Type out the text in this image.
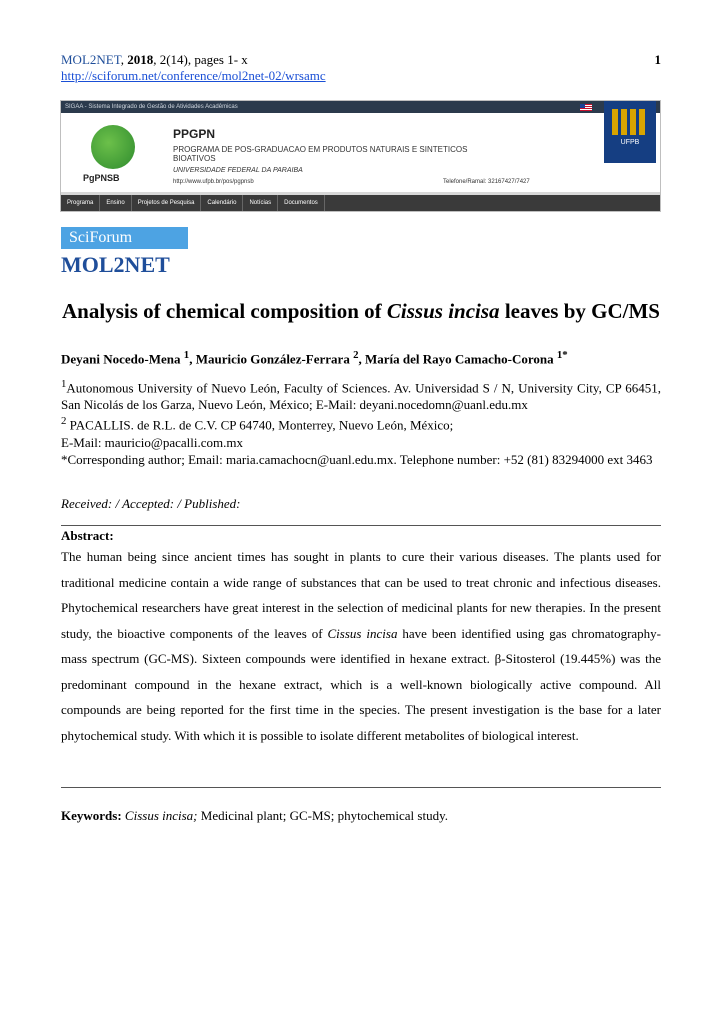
MOL2NET, 2018, 2(14), pages 1- x	1
http://sciforum.net/conference/mol2net-02/wrsamc
SIGAA - Sistema Integrado de Gestão de Atividades Acadêmicas
UFPB
PgPNSB
PPGPN
PROGRAMA DE POS-GRADUACAO EM PRODUTOS NATURAIS E SINTETICOS BIOATIVOS
UNIVERSIDADE FEDERAL DA PARAIBA
http://www.ufpb.br/pos/pgpnsb	Telefone/Ramal: 32167427/7427
Programa	Ensino	Projetos de Pesquisa	Calendário	Notícias	Documentos
SciForum
MOL2NET
Analysis of chemical composition of Cissus incisa leaves by GC/MS
Deyani Nocedo-Mena $^1$, Mauricio González-Ferrara $^2$, María del Rayo Camacho-Corona $^{1*}$

$^1$Autonomous University of Nuevo León, Faculty of Sciences. Av. Universidad S / N, University City, CP 66451, San Nicolás de los Garza, Nuevo León, México; E-Mail: deyani.nocedomn@uanl.edu.mx

$^2$ PACALLIS. de R.L. de C.V. CP 64740, Monterrey, Nuevo León, México;

E-Mail: mauricio@pacalli.com.mx

*Corresponding author; Email: maria.camachocn@uanl.edu.mx. Telephone number: +52 (81) 83294000 ext 3463

Received: / Accepted: / Published:
Abstract:
The human being since ancient times has sought in plants to cure their various diseases. The plants used for traditional medicine contain a wide range of substances that can be used to treat chronic and infectious diseases. Phytochemical researchers have great interest in the selection of medicinal plants for new therapies. In the present study, the bioactive components of the leaves of Cissus incisa have been identified using gas chromatography-mass spectrum (GC-MS). Sixteen compounds were identified in hexane extract. β-Sitosterol (19.445%) was the predominant compound in the hexane extract, which is a well-known biologically active compound. All compounds are being reported for the first time in the species. The present investigation is the base for a later phytochemical study. With which it is possible to isolate different metabolites of biological interest.
Keywords: Cissus incisa; Medicinal plant; GC-MS; phytochemical study.
